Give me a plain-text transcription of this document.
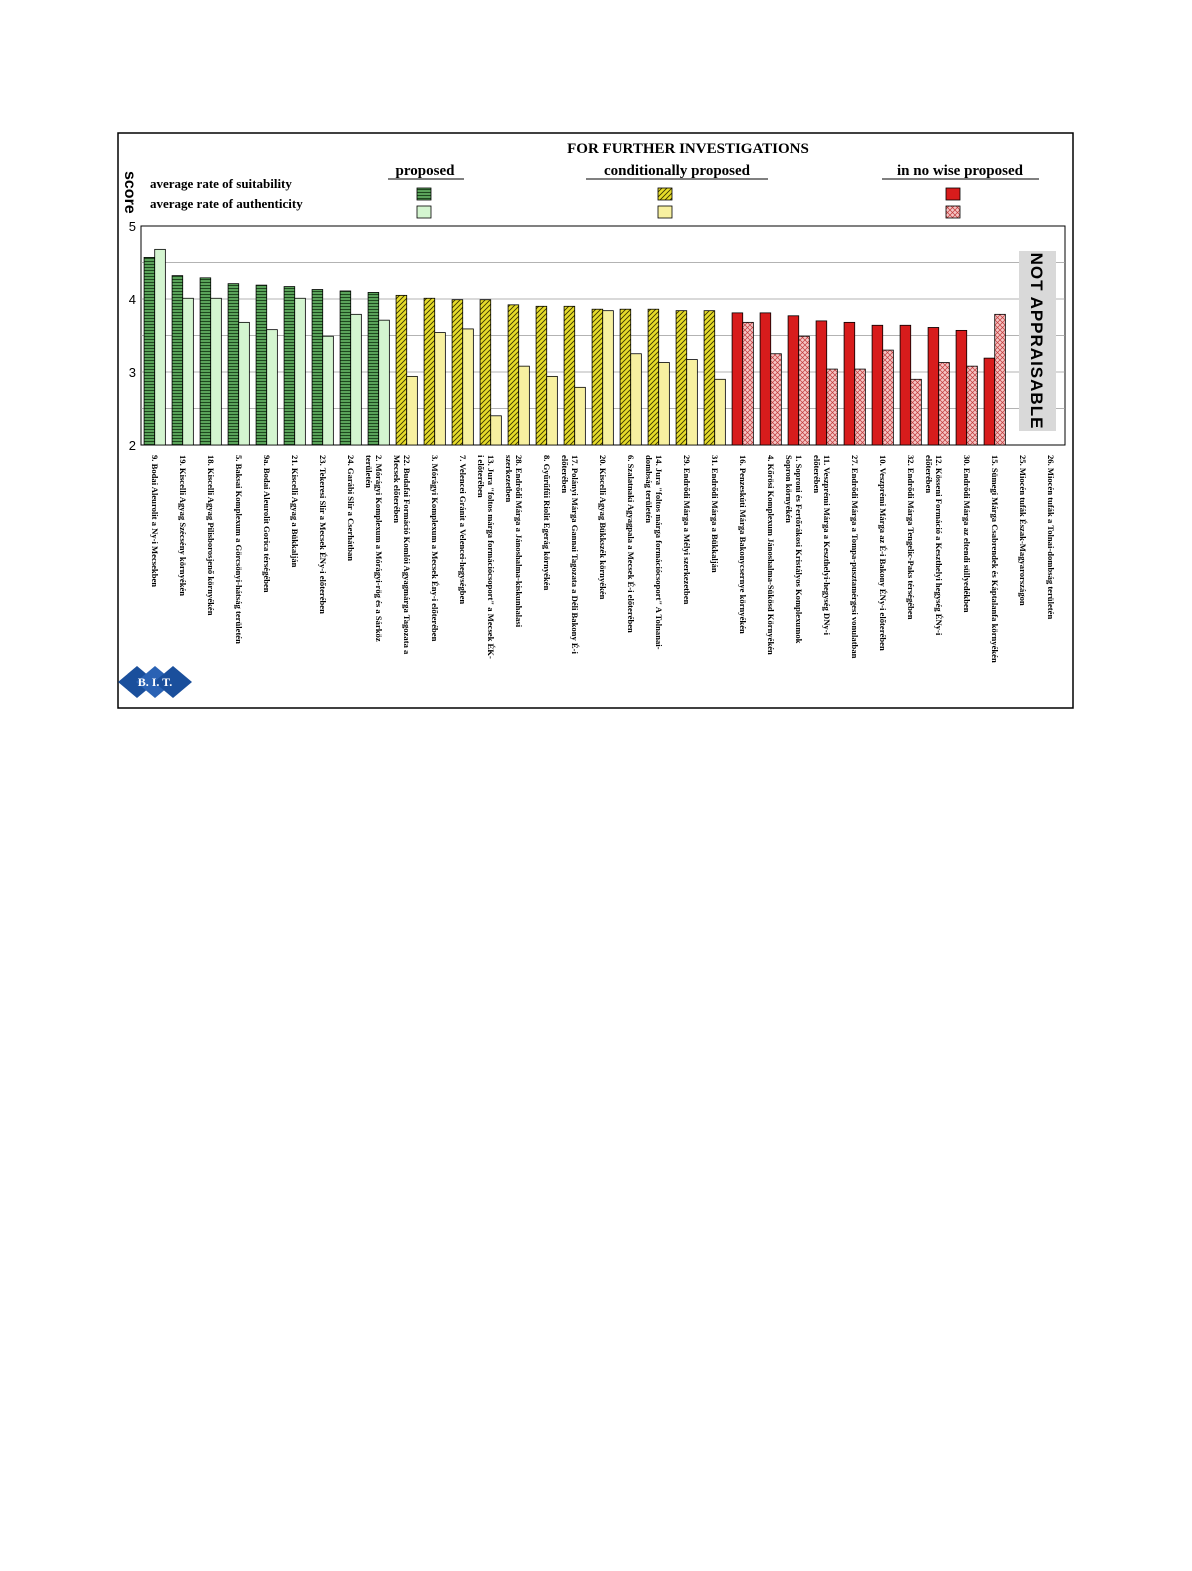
FOR FURTHER INVESTIGATIONS
proposed	conditionally proposed	in no wise proposed
score average rate of suitability
average rate of authenticity
2
3
4
5
NOT APPRAISABLE
9. Bodai Aleurolit a Ny-i Mecsekben 19. Kiscelli Agyag Szécsény környékén 18. Kiscelli Agyag Pilisborosjenő környékén 5. Baksai Komplexum a Görcsönyi-hátság területén 9a. Bodai Aleurolit Gorica térségében 21. Kiscelli Agyag a Bükkalján 23. Tekeresi Slír a Mecsek ÉNy-i előterében 24. Garábi Slír a Cserhátban	2. Mórágyi Komplexum a Mórágyi-rög és a Sárközterületén	22. Budafai Formáció Komlói Agyagmárga Tagozata aMecsek előterében	3. Mórágyi Komplexum a Mecsek Ény-i előterében 7. Velencei Gránit a Velencei-hegységben	13. Jura "foltos márga formációcsoport" a Mecsek ÉK-i előterében	28. Endrődi Márga a Jánoshalma-kiskunhalasiszerkezetben	8. Gyűrűfűi Riolit Egerág környékén	17. Polányi Márga Gannai Tagozata a Déli Bakony É-ielőterében	20. Kiscelli Agyag Bükkszék környékén 6. Szalatnaki Agyagpala a Mecsek É-i előterében	14. Jura "foltos márga formációcsoport" A Tolnanai-dombság területén	29. Endrődi Márga a Mélyi szerkezetben 31. Endrődi Márga a Bükkalján 16. Penzeskúti Márga Bakonycsernye környékén 4. Kőrösi Komplexum Jánoshalma-Sükösd Környékén	1. Soproni és Fertőrákosi Kristályos KomplexumokSopron környékén	11. Veszprémi Márga a Keszthelyi-hegység DNy-ielőterében	27. Endrődi Márga a Tompa-pusztamérgesi vonulatban 10. Veszprémi Márga az É-i Bakony ÉNy-i előterében 32. Endrődi Márga Tengelic-Paks térségében	12. Kösseni Formáció a Keszthelyi hegység ÉNy-ielőterében	30. Endrődi Márga az eltendi süllyedékben 15. Sümegi Márga Csabrendek és Káptalanfa környékén 25. Miocén tufák Észak-Magyarországon 26. Miocén tufák a Tolnai-dombság területén
B. I. T.
